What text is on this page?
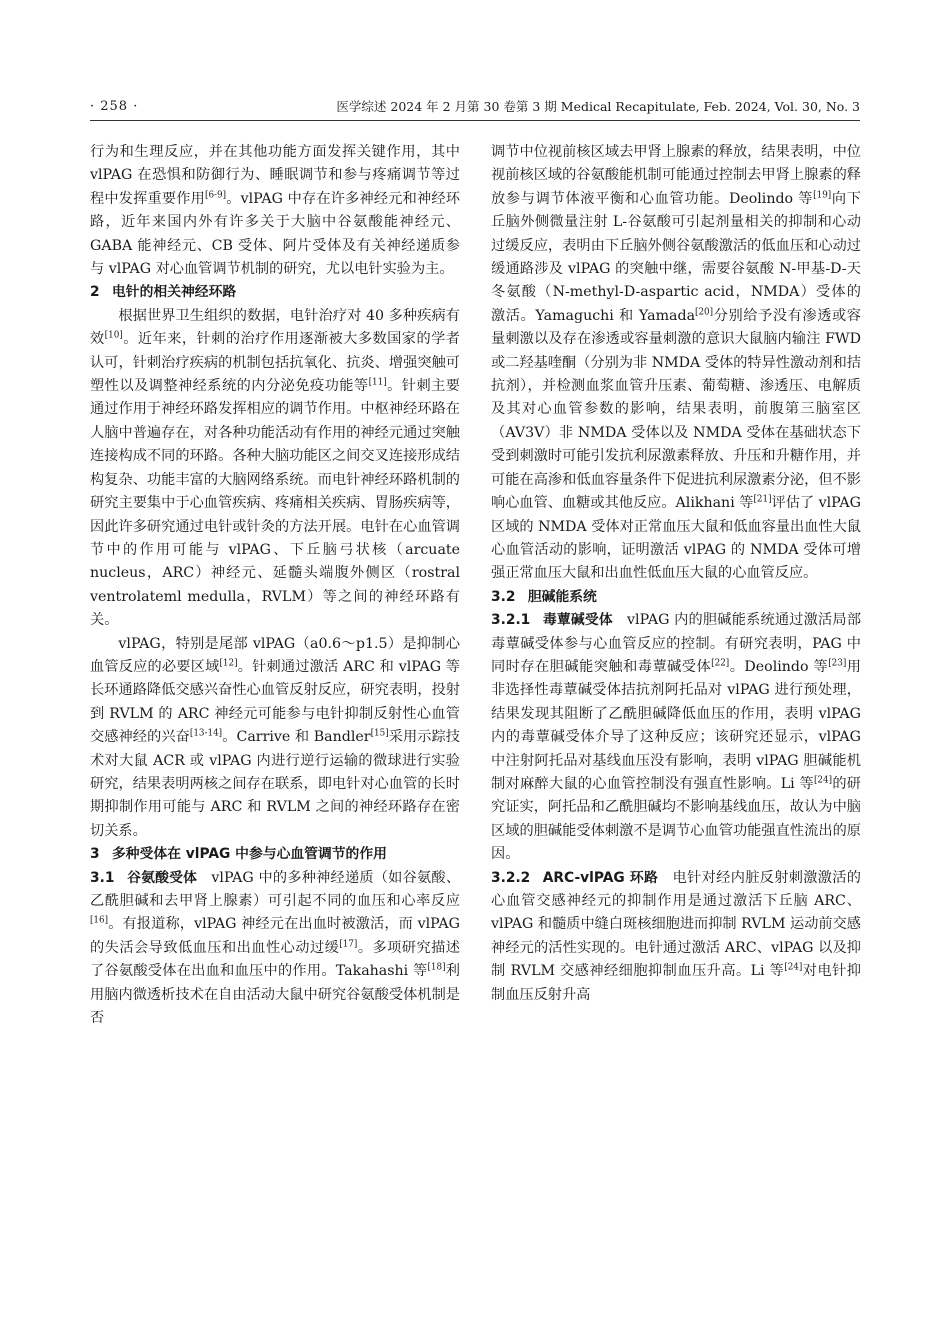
· 258 ·	医学综述 2024 年 2 月第 30 卷第 3 期 Medical Recapitulate, Feb. 2024, Vol. 30, No. 3

行为和生理反应，并在其他功能方面发挥关键作用，其中 vlPAG 在恐惧和防御行为、睡眠调节和参与疼痛调节等过程中发挥重要作用[6-9]。vlPAG 中存在许多神经元和神经环路，近年来国内外有许多关于大脑中谷氨酸能神经元、GABA 能神经元、CB 受体、阿片受体及有关神经递质参与 vlPAG 对心血管调节机制的研究，尤以电针实验为主。

2 电针的相关神经环路

根据世界卫生组织的数据，电针治疗对 40 多种疾病有效[10]。近年来，针刺的治疗作用逐渐被大多数国家的学者认可，针刺治疗疾病的机制包括抗氧化、抗炎、增强突触可塑性以及调整神经系统的内分泌免疫功能等[11]。针刺主要通过作用于神经环路发挥相应的调节作用。中枢神经环路在人脑中普遍存在，对各种功能活动有作用的神经元通过突触连接构成不同的环路。各种大脑功能区之间交叉连接形成结构复杂、功能丰富的大脑网络系统。而电针神经环路机制的研究主要集中于心血管疾病、疼痛相关疾病、胃肠疾病等，因此许多研究通过电针或针灸的方法开展。电针在心血管调节中的作用可能与 vlPAG、下丘脑弓状核（arcuate nucleus，ARC）神经元、延髓头端腹外侧区（rostral ventrolateml medulla，RVLM）等之间的神经环路有关。

vlPAG，特别是尾部 vlPAG（a0.6～p1.5）是抑制心血管反应的必要区域[12]。针刺通过激活 ARC 和 vlPAG 等长环通路降低交感兴奋性心血管反射反应，研究表明，投射到 RVLM 的 ARC 神经元可能参与电针抑制反射性心血管交感神经的兴奋[13-14]。Carrive 和 Bandler[15]采用示踪技术对大鼠 ACR 或 vlPAG 内进行逆行运输的微球进行实验研究，结果表明两核之间存在联系，即电针对心血管的长时期抑制作用可能与 ARC 和 RVLM 之间的神经环路存在密切关系。

3 多种受体在 vlPAG 中参与心血管调节的作用

3.1 谷氨酸受体 vlPAG 中的多种神经递质（如谷氨酸、乙酰胆碱和去甲肾上腺素）可引起不同的血压和心率反应[16]。有报道称，vlPAG 神经元在出血时被激活，而 vlPAG 的失活会导致低血压和出血性心动过缓[17]。多项研究描述了谷氨酸受体在出血和血压中的作用。Takahashi 等[18]利用脑内微透析技术在自由活动大鼠中研究谷氨酸受体机制是否

调节中位视前核区域去甲肾上腺素的释放，结果表明，中位视前核区域的谷氨酸能机制可能通过控制去甲肾上腺素的释放参与调节体液平衡和心血管功能。Deolindo 等[19]向下丘脑外侧微量注射 L-谷氨酸可引起剂量相关的抑制和心动过缓反应，表明由下丘脑外侧谷氨酸激活的低血压和心动过缓通路涉及 vlPAG 的突触中继，需要谷氨酸 N-甲基-D-天冬氨酸（N-methyl-D-aspartic acid，NMDA）受体的激活。Yamaguchi 和 Yamada[20]分别给予没有渗透或容量刺激以及存在渗透或容量刺激的意识大鼠脑内输注 FWD 或二羟基喹酮（分别为非 NMDA 受体的特异性激动剂和拮抗剂），并检测血浆血管升压素、葡萄糖、渗透压、电解质及其对心血管参数的影响，结果表明，前腹第三脑室区（AV3V）非 NMDA 受体以及 NMDA 受体在基础状态下受到刺激时可能引发抗利尿激素释放、升压和升糖作用，并可能在高渗和低血容量条件下促进抗利尿激素分泌，但不影响心血管、血糖或其他反应。Alikhani 等[21]评估了 vlPAG 区域的 NMDA 受体对正常血压大鼠和低血容量出血性大鼠心血管活动的影响，证明激活 vlPAG 的 NMDA 受体可增强正常血压大鼠和出血性低血压大鼠的心血管反应。

3.2 胆碱能系统

3.2.1 毒蕈碱受体 vlPAG 内的胆碱能系统通过激活局部毒蕈碱受体参与心血管反应的控制。有研究表明，PAG 中同时存在胆碱能突触和毒蕈碱受体[22]。Deolindo 等[23]用非选择性毒蕈碱受体拮抗剂阿托品对 vlPAG 进行预处理，结果发现其阻断了乙酰胆碱降低血压的作用，表明 vlPAG 内的毒蕈碱受体介导了这种反应；该研究还显示，vlPAG 中注射阿托品对基线血压没有影响，表明 vlPAG 胆碱能机制对麻醉大鼠的心血管控制没有强直性影响。Li 等[24]的研究证实，阿托品和乙酰胆碱均不影响基线血压，故认为中脑区域的胆碱能受体刺激不是调节心血管功能强直性流出的原因。

3.2.2 ARC-vlPAG 环路 电针对经内脏反射刺激激活的心血管交感神经元的抑制作用是通过激活下丘脑 ARC、vlPAG 和髓质中缝白斑核细胞进而抑制 RVLM 运动前交感神经元的活性实现的。电针通过激活 ARC、vlPAG 以及抑制 RVLM 交感神经细胞抑制血压升高。Li 等[24]对电针抑制血压反射升高
